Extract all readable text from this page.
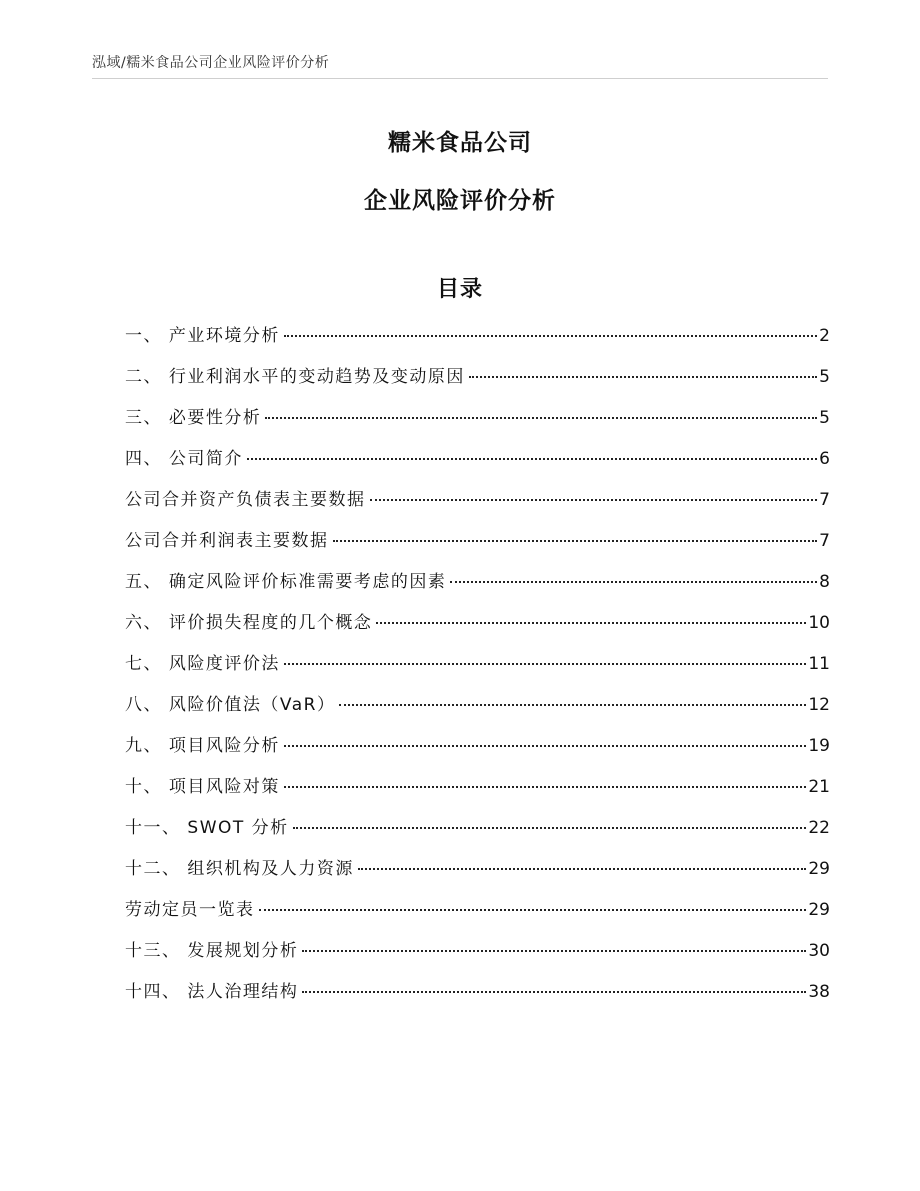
泓域/糯米食品公司企业风险评价分析
糯米食品公司
企业风险评价分析
目录
一、 产业环境分析	2
二、 行业利润水平的变动趋势及变动原因	5
三、 必要性分析	5
四、 公司简介	6
公司合并资产负债表主要数据	7
公司合并利润表主要数据	7
五、 确定风险评价标准需要考虑的因素	8
六、 评价损失程度的几个概念	10
七、 风险度评价法	11
八、 风险价值法（VaR）	12
九、 项目风险分析	19
十、 项目风险对策	21
十一、 SWOT 分析	22
十二、 组织机构及人力资源	29
劳动定员一览表	29
十三、 发展规划分析	30
十四、 法人治理结构	38
